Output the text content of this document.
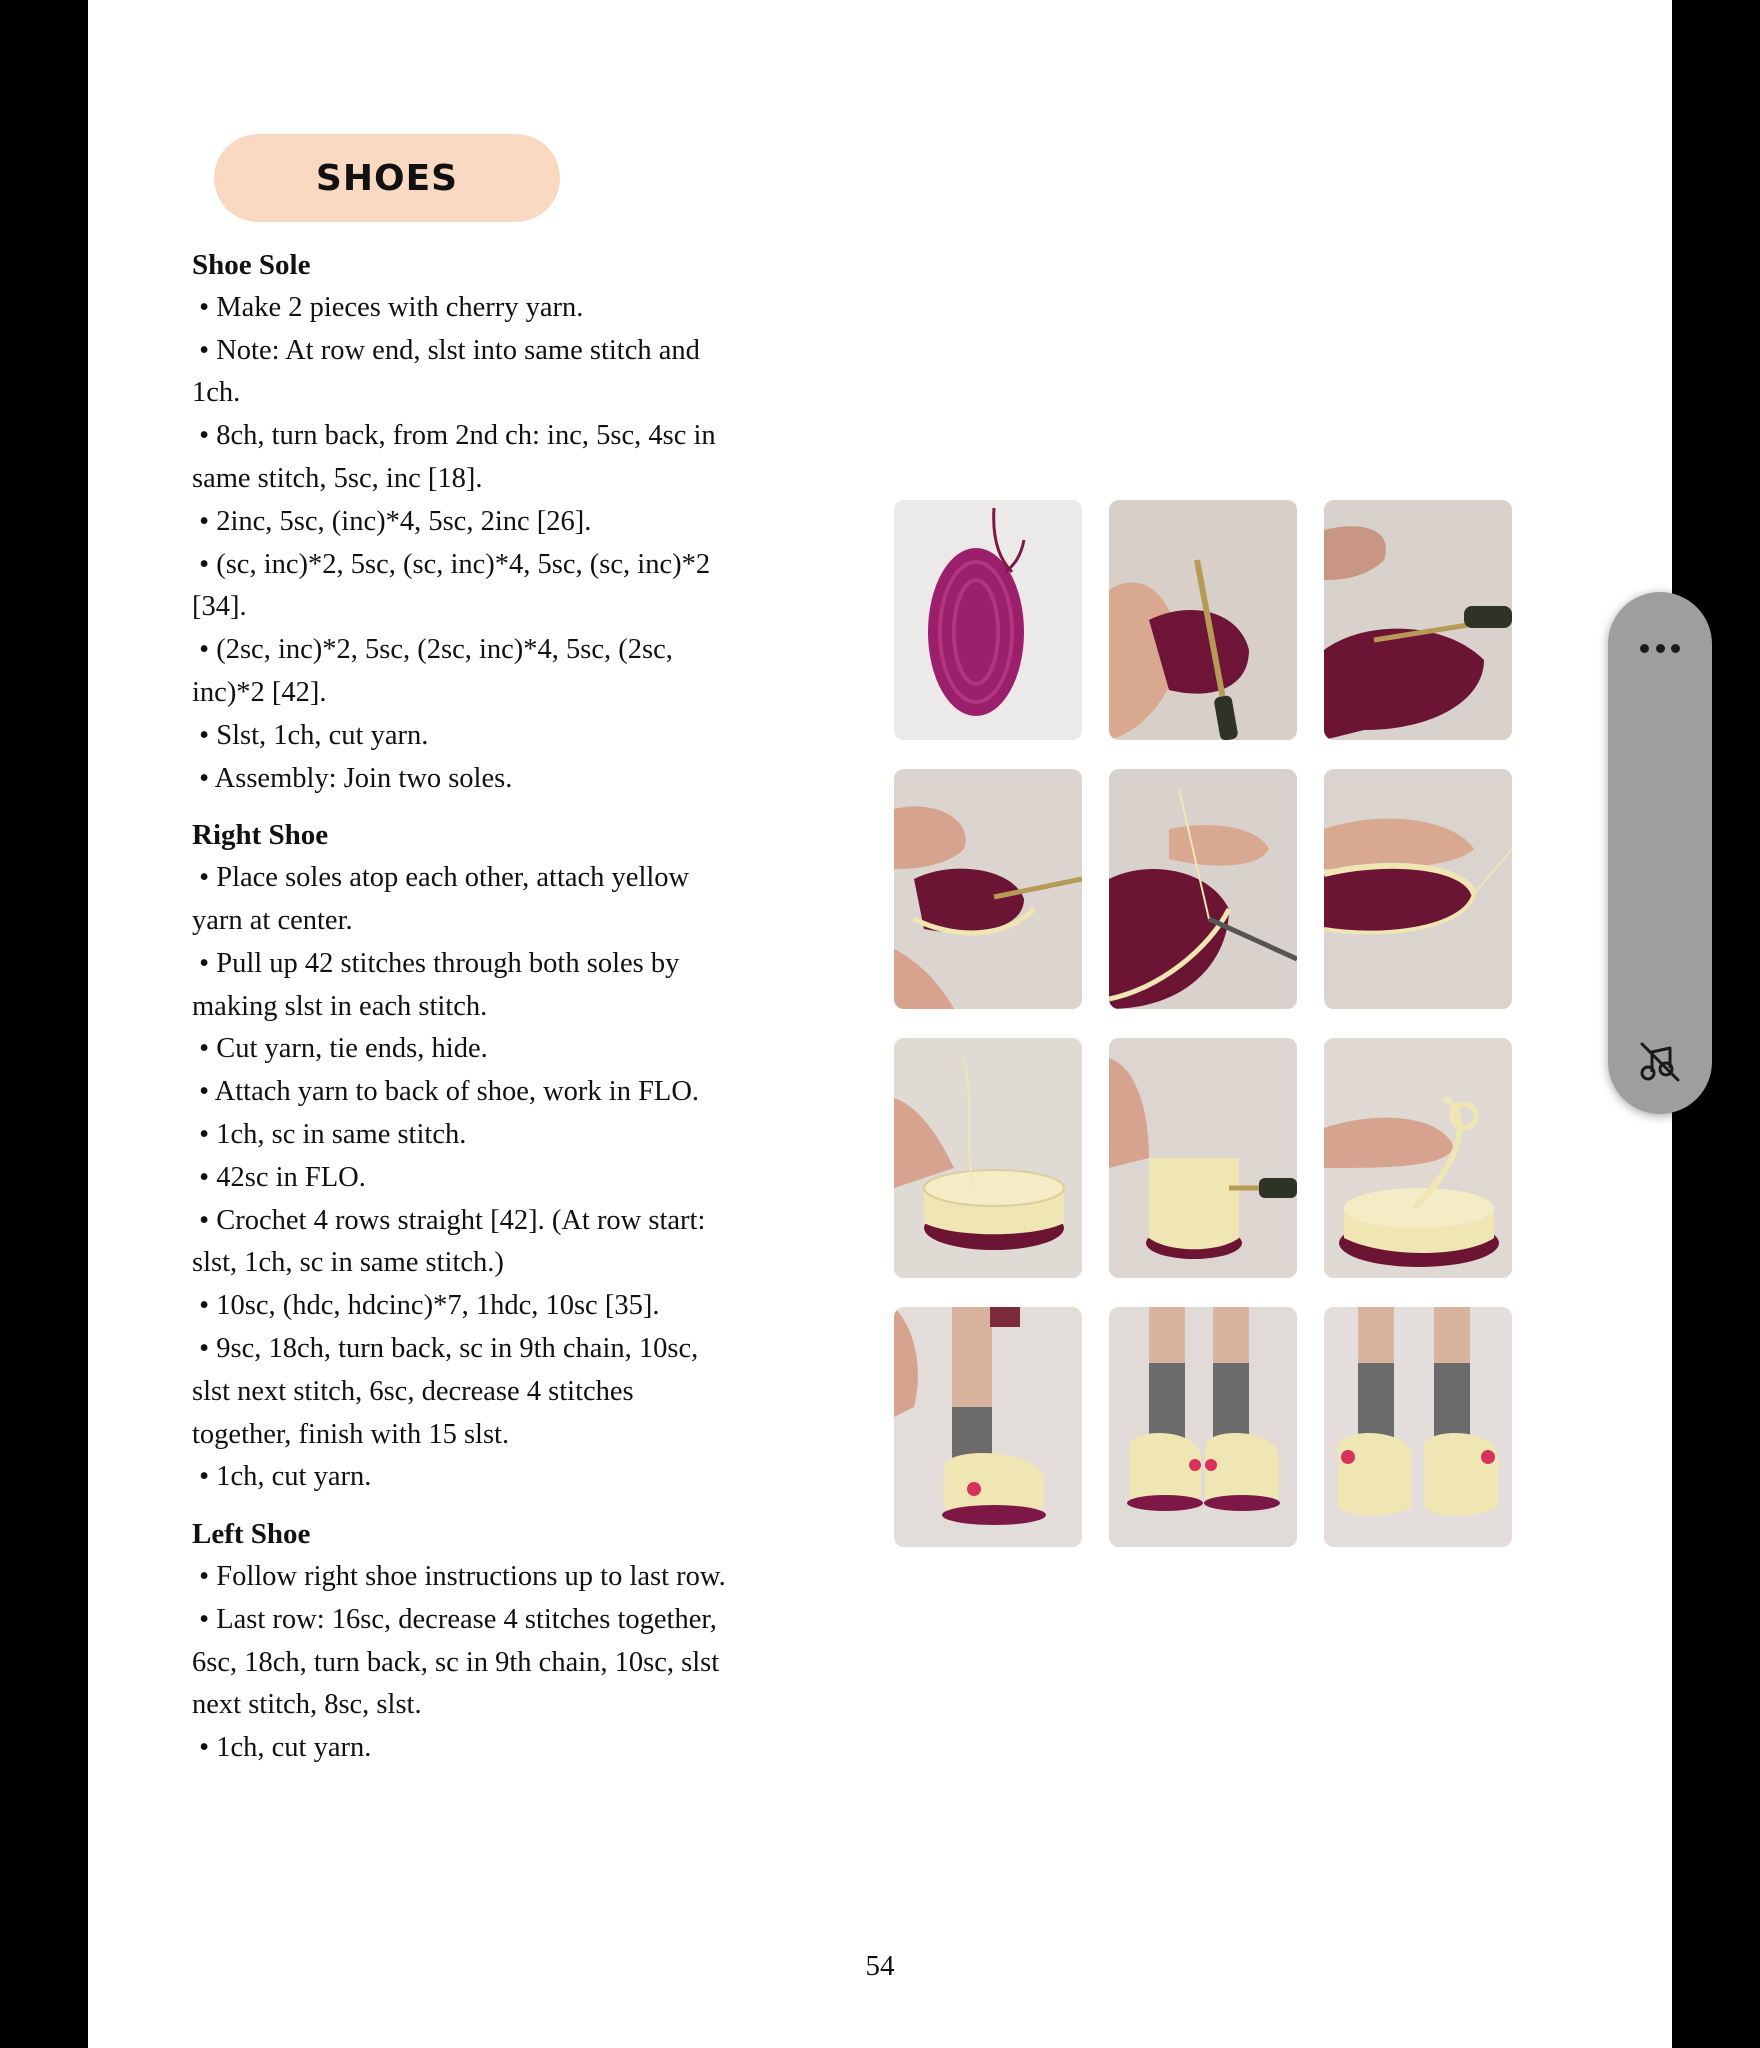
SHOES
Shoe Sole

• Make 2 pieces with cherry yarn.

• Note: At row end, slst into same stitch and

1ch.

• 8ch, turn back, from 2nd ch: inc, 5sc, 4sc in

same stitch, 5sc, inc [18].

• 2inc, 5sc, (inc)*4, 5sc, 2inc [26].

• (sc, inc)*2, 5sc, (sc, inc)*4, 5sc, (sc, inc)*2

[34].

• (2sc, inc)*2, 5sc, (2sc, inc)*4, 5sc, (2sc,

inc)*2 [42].

• Slst, 1ch, cut yarn.

• Assembly: Join two soles.

Right Shoe

• Place soles atop each other, attach yellow

yarn at center.

• Pull up 42 stitches through both soles by

making slst in each stitch.

• Cut yarn, tie ends, hide.

• Attach yarn to back of shoe, work in FLO.

• 1ch, sc in same stitch.

• 42sc in FLO.

• Crochet 4 rows straight [42]. (At row start:

slst, 1ch, sc in same stitch.)

• 10sc, (hdc, hdcinc)*7, 1hdc, 10sc [35].

• 9sc, 18ch, turn back, sc in 9th chain, 10sc,

slst next stitch, 6sc, decrease 4 stitches

together, finish with 15 slst.

• 1ch, cut yarn.

Left Shoe

• Follow right shoe instructions up to last row.

• Last row: 16sc, decrease 4 stitches together,

6sc, 18ch, turn back, sc in 9th chain, 10sc, slst

next stitch, 8sc, slst.

• 1ch, cut yarn.

54
